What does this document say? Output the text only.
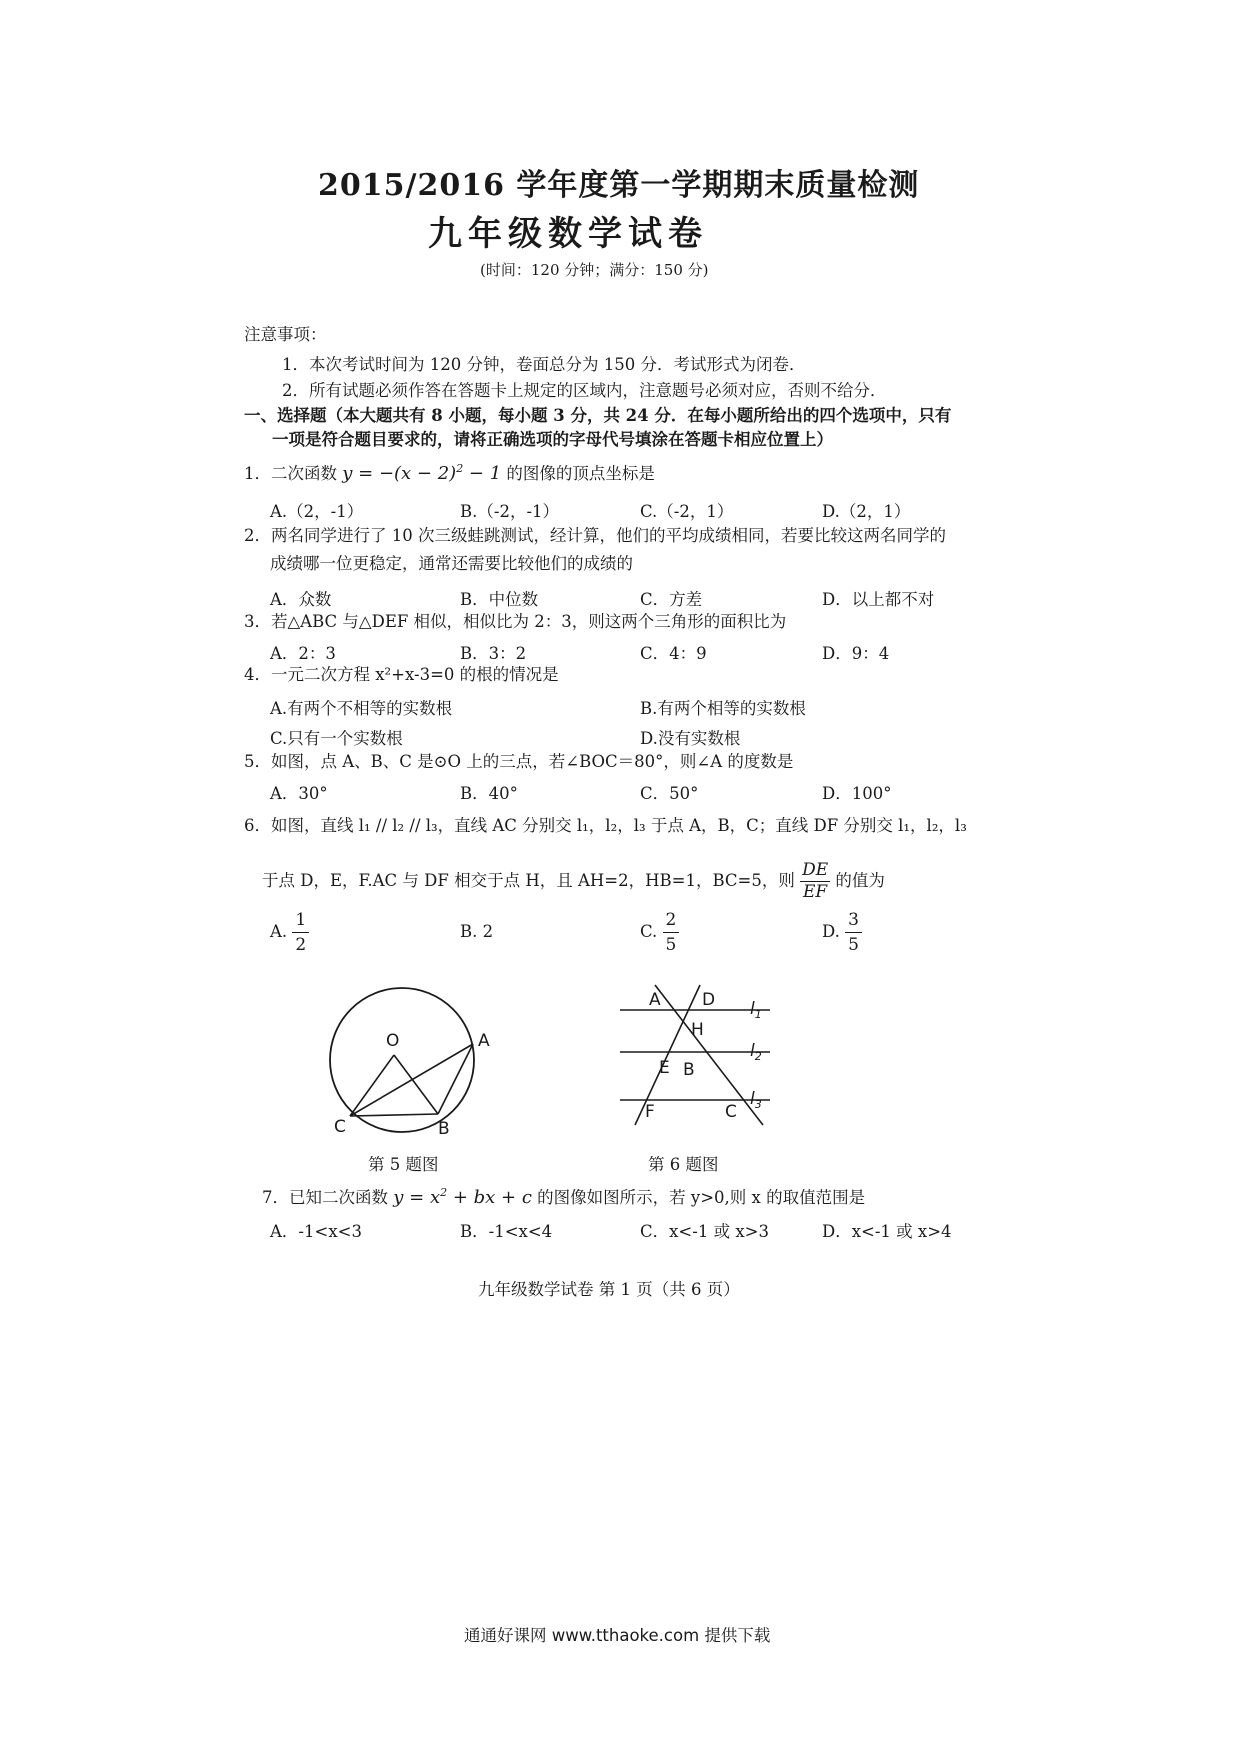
2015/2016 学年度第一学期期末质量检测
九年级数学试卷
(时间：120 分钟；满分：150 分)
注意事项：
1．本次考试时间为 120 分钟，卷面总分为 150 分．考试形式为闭卷．
2．所有试题必须作答在答题卡上规定的区域内，注意题号必须对应，否则不给分．
一、选择题（本大题共有 8 小题，每小题 3 分，共 24 分．在每小题所给出的四个选项中，只有
一项是符合题目要求的，请将正确选项的字母代号填涂在答题卡相应位置上）
1．二次函数 $y = -(x - 2)^2 - 1$ 的图像的顶点坐标是
A.（2，-1）	B.（-2，-1）	C.（-2，1）	D.（2，1）
2．两名同学进行了 10 次三级蛙跳测试，经计算，他们的平均成绩相同，若要比较这两名同学的
成绩哪一位更稳定，通常还需要比较他们的成绩的
A．众数	B．中位数	C．方差	D．以上都不对
3．若△ABC 与△DEF 相似，相似比为 2：3，则这两个三角形的面积比为
A．2：3	B．3：2	C．4：9	D．9：4
4．一元二次方程 x²+x-3=0 的根的情况是
A.有两个不相等的实数根	B.有两个相等的实数根
C.只有一个实数根	D.没有实数根
5．如图，点 A、B、C 是⊙O 上的三点，若∠BOC＝80°，则∠A 的度数是
A．30°	B．40°	C．50°	D．100°
6．如图，直线 l₁ // l₂ // l₃，直线 AC 分别交 l₁，l₂，l₃ 于点 A，B，C；直线 DF 分别交 l₁，l₂，l₃
于点 D，E，F.AC 与 DF 相交于点 H，且 AH=2，HB=1，BC=5，则 $\frac{DE}{EF}$ 的值为
A. $\frac{1}{2}$	B. 2	C. $\frac{2}{5}$	D. $\frac{3}{5}$
O	A
C	B
第 5 题图
A D
H
E B
F	C
$l_1$
$l_2$
$l_3$
第 6 题图
7．已知二次函数 $y = x^2$ + bx + c 的图像如图所示，若 y>0,则 x 的取值范围是
A．-1<x<3	B．-1<x<4	C．x<-1 或 x>3	D．x<-1 或 x>4
九年级数学试卷 第 1 页（共 6 页）
通通好课网 www.tthaoke.com 提供下载
